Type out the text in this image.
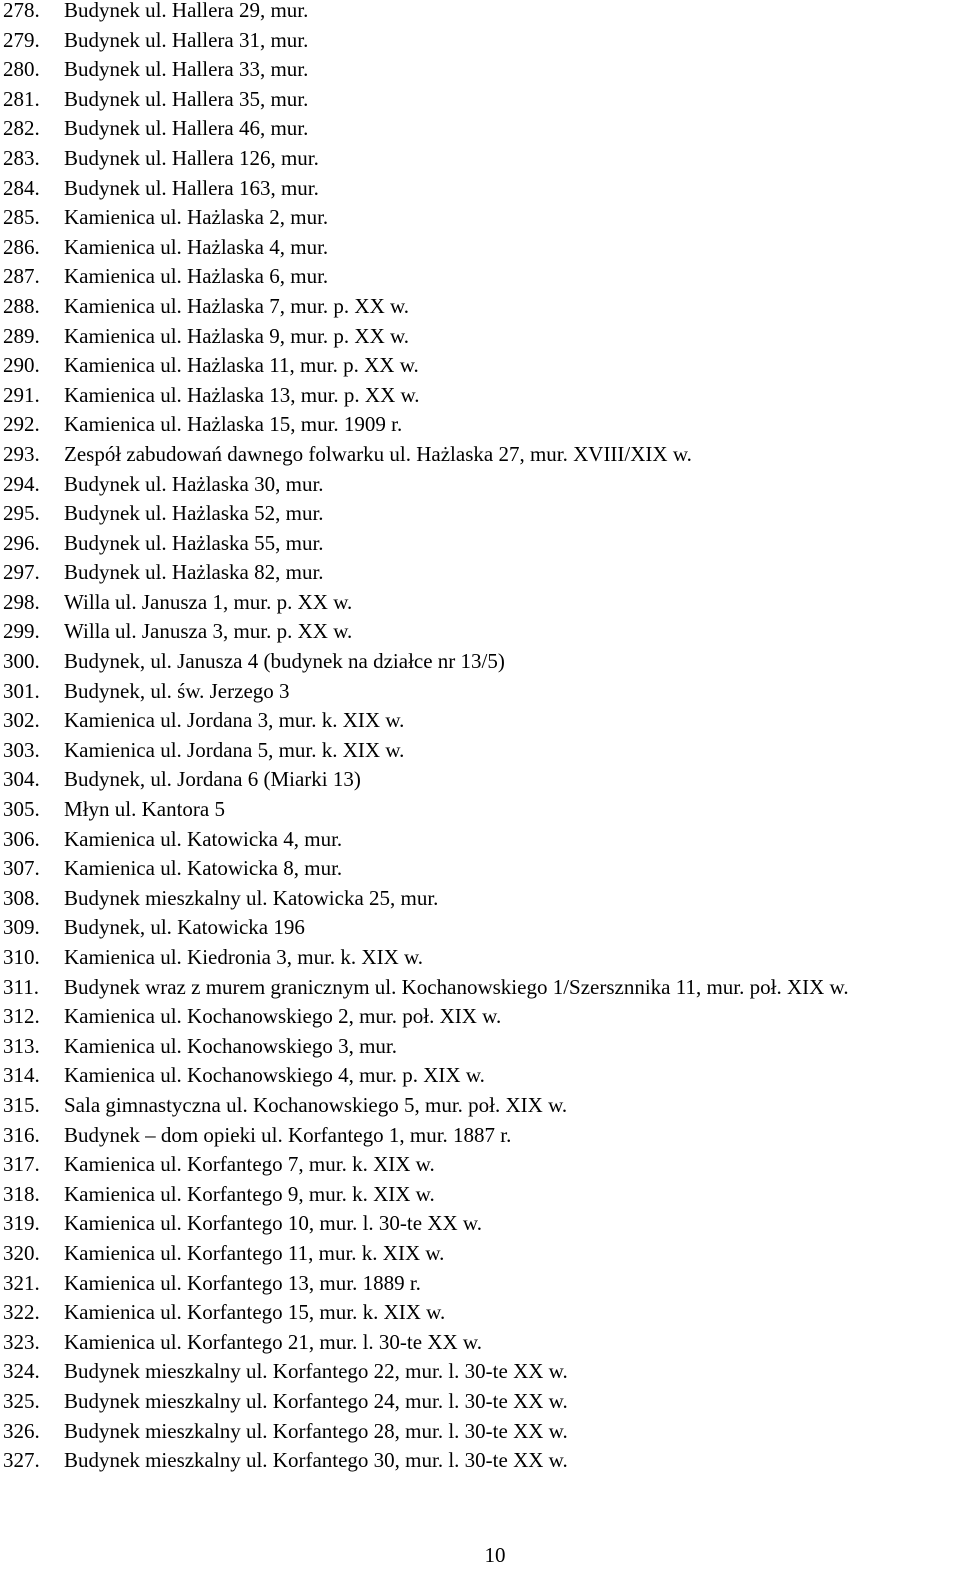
278.	Budynek ul. Hallera 29, mur.
279.	Budynek ul. Hallera 31, mur.
280.	Budynek ul. Hallera 33, mur.
281.	Budynek ul. Hallera 35, mur.
282.	Budynek ul. Hallera 46, mur.
283.	Budynek ul. Hallera 126, mur.
284.	Budynek ul. Hallera 163, mur.
285.	Kamienica ul. Hażlaska 2, mur.
286.	Kamienica ul. Hażlaska 4, mur.
287.	Kamienica ul. Hażlaska 6, mur.
288.	Kamienica ul. Hażlaska 7, mur. p. XX w.
289.	Kamienica ul. Hażlaska 9, mur. p. XX w.
290.	Kamienica ul. Hażlaska 11, mur. p. XX w.
291.	Kamienica ul. Hażlaska 13, mur. p. XX w.
292.	Kamienica ul. Hażlaska 15, mur. 1909 r.
293.	Zespół zabudowań dawnego folwarku ul. Hażlaska 27, mur. XVIII/XIX w.
294.	Budynek ul. Hażlaska 30, mur.
295.	Budynek ul. Hażlaska 52, mur.
296.	Budynek ul. Hażlaska 55, mur.
297.	Budynek ul. Hażlaska 82, mur.
298.	Willa ul. Janusza 1, mur. p. XX w.
299.	Willa ul. Janusza 3, mur. p. XX w.
300.	Budynek, ul. Janusza 4 (budynek na działce nr 13/5)
301.	Budynek, ul. św. Jerzego 3
302.	Kamienica ul. Jordana 3, mur. k. XIX w.
303.	Kamienica ul. Jordana 5, mur. k. XIX w.
304.	Budynek, ul. Jordana 6 (Miarki 13)
305.	Młyn ul. Kantora 5
306.	Kamienica ul. Katowicka 4, mur.
307.	Kamienica ul. Katowicka 8, mur.
308.	Budynek mieszkalny ul. Katowicka 25, mur.
309.	Budynek, ul. Katowicka 196
310.	Kamienica ul. Kiedronia 3, mur. k. XIX w.
311.	Budynek wraz z murem granicznym ul. Kochanowskiego 1/Szersznnika 11, mur. poł. XIX w.
312.	Kamienica ul. Kochanowskiego 2, mur. poł. XIX w.
313.	Kamienica ul. Kochanowskiego 3, mur.
314.	Kamienica ul. Kochanowskiego 4, mur. p. XIX w.
315.	Sala gimnastyczna ul. Kochanowskiego 5, mur. poł. XIX w.
316.	Budynek – dom opieki ul. Korfantego 1, mur. 1887 r.
317.	Kamienica ul. Korfantego 7, mur. k. XIX w.
318.	Kamienica ul. Korfantego 9, mur. k. XIX w.
319.	Kamienica ul. Korfantego 10, mur. l. 30-te XX w.
320.	Kamienica ul. Korfantego 11, mur. k. XIX w.
321.	Kamienica ul. Korfantego 13, mur. 1889 r.
322.	Kamienica ul. Korfantego 15, mur. k. XIX w.
323.	Kamienica ul. Korfantego 21, mur. l. 30-te XX w.
324.	Budynek mieszkalny ul. Korfantego 22, mur. l. 30-te XX w.
325.	Budynek mieszkalny ul. Korfantego 24, mur. l. 30-te XX w.
326.	Budynek mieszkalny ul. Korfantego 28, mur. l. 30-te XX w.
327.	Budynek mieszkalny ul. Korfantego 30, mur. l. 30-te XX w.
10
